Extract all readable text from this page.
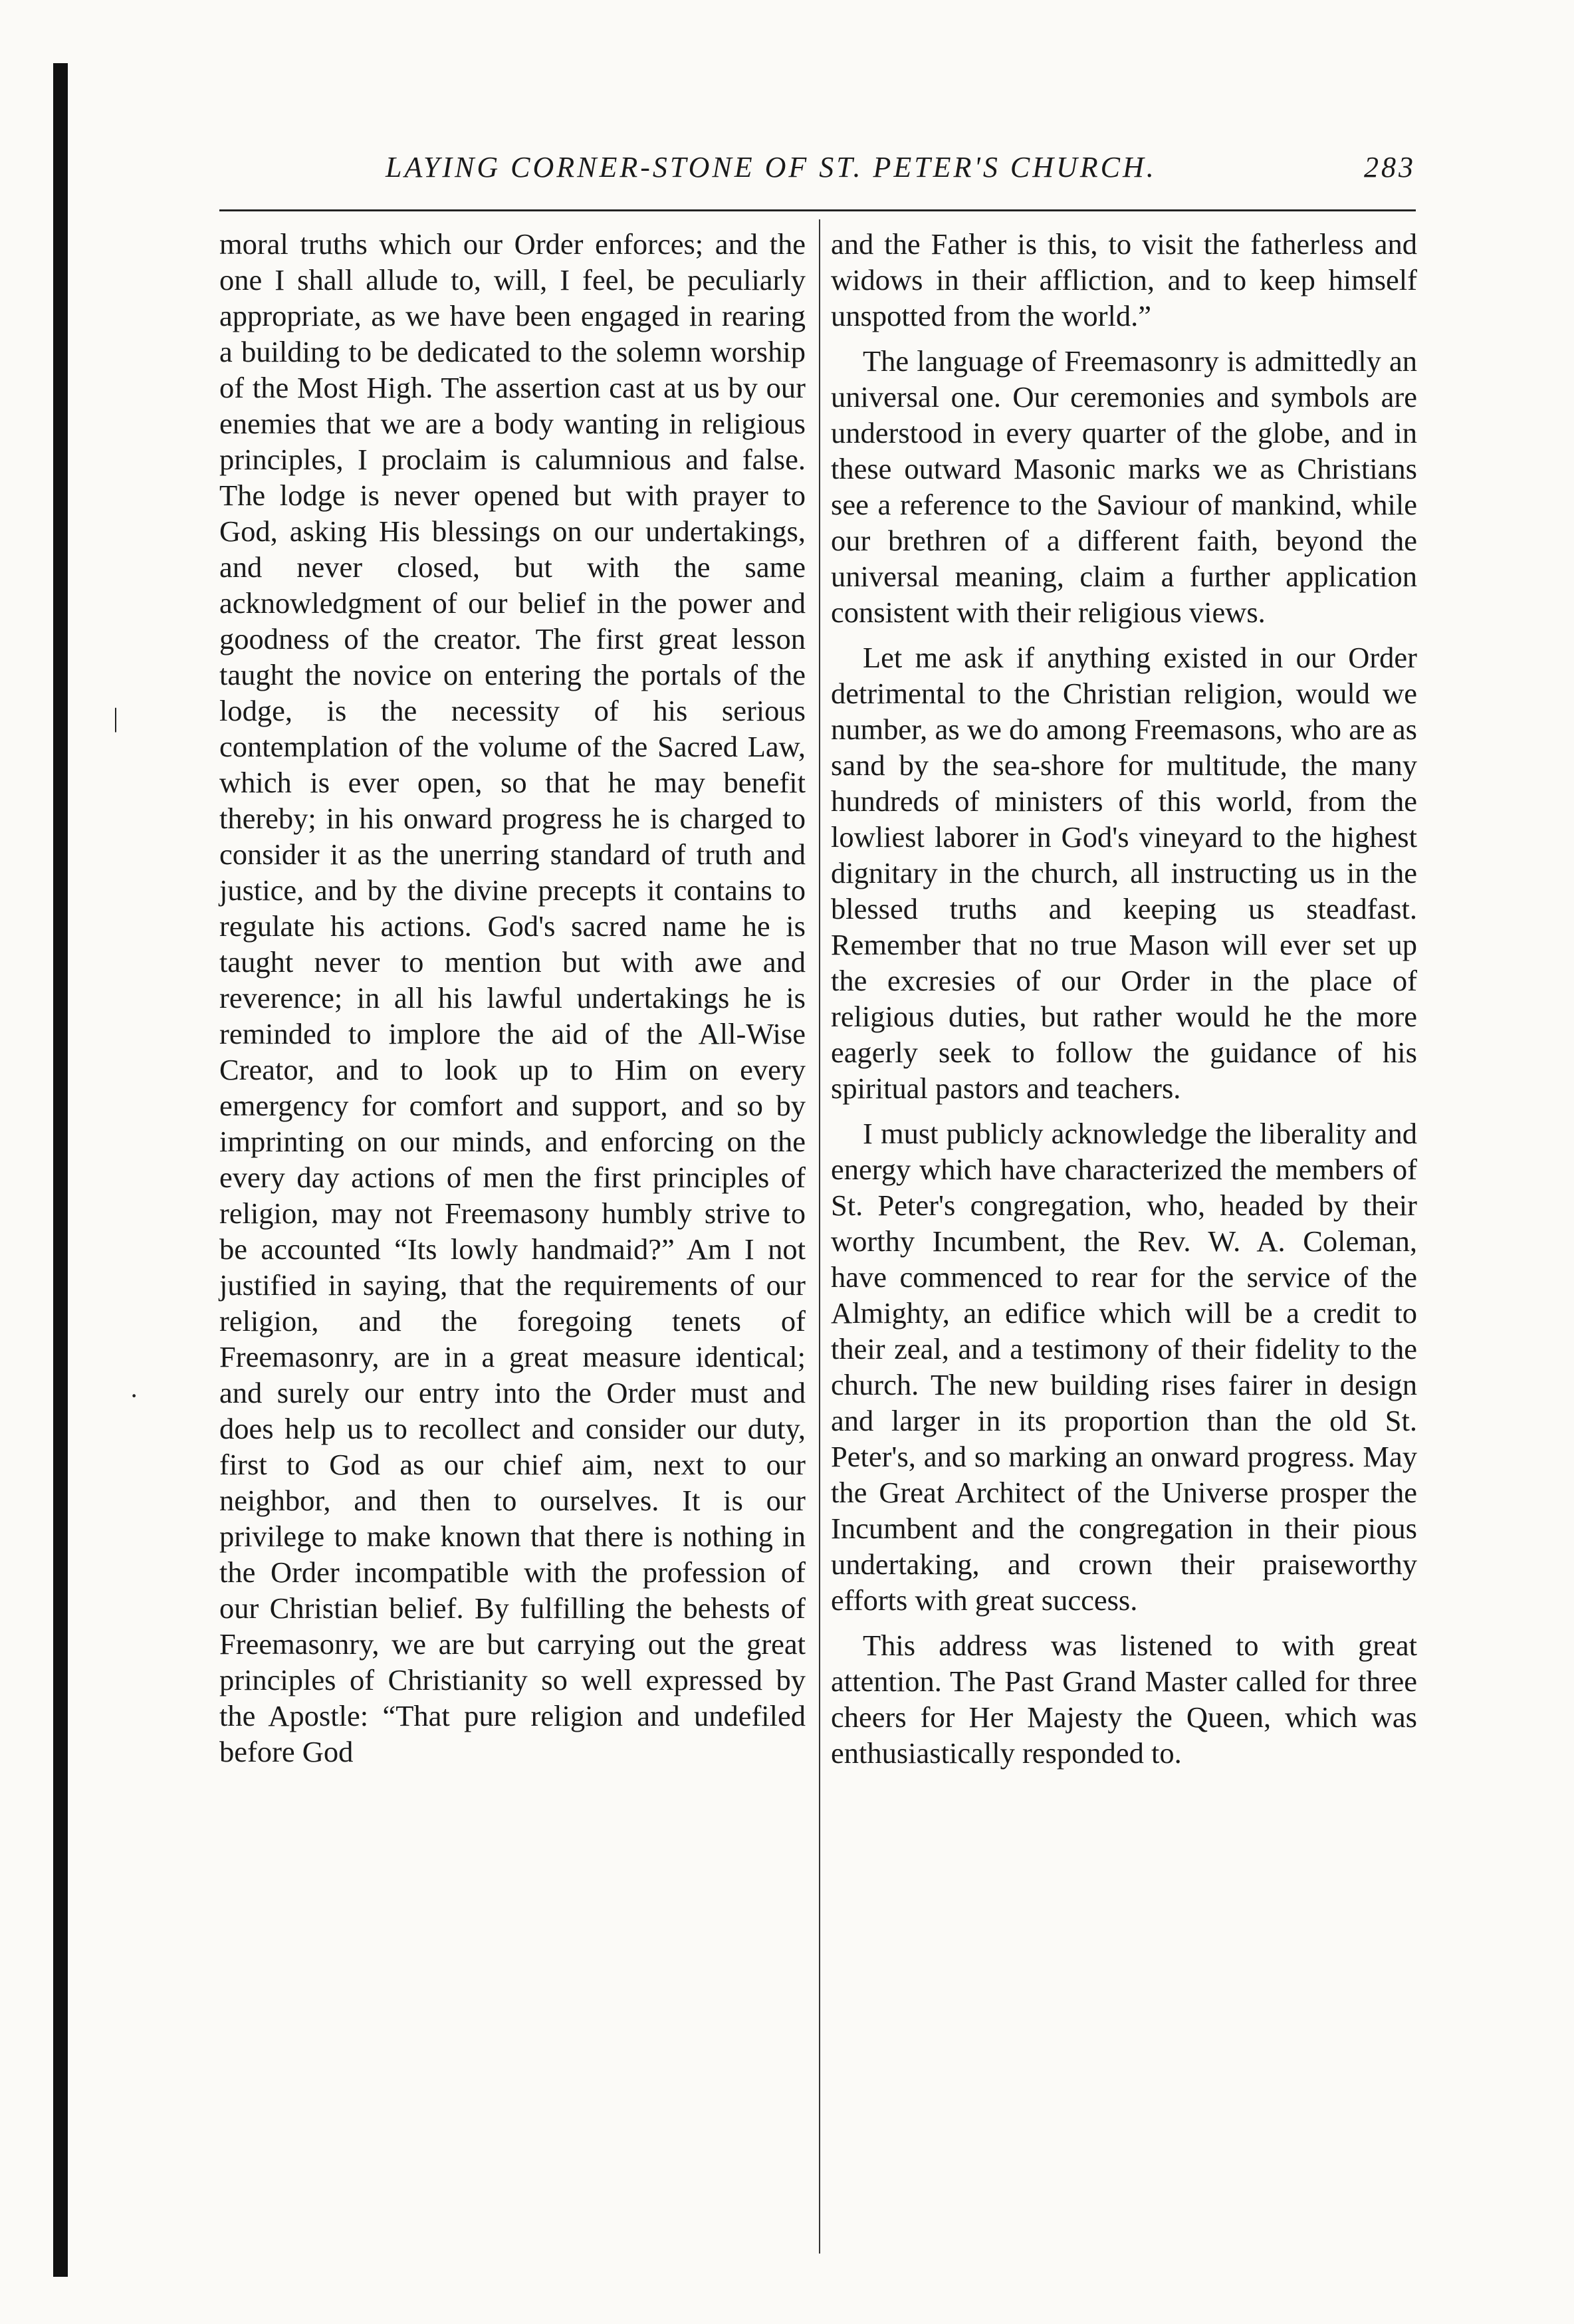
|
·
LAYING CORNER-STONE OF ST. PETER'S CHURCH.	283

moral truths which our Order enforces; and the one I shall allude to, will, I feel, be peculiarly appropriate, as we have been engaged in rearing a building to be dedicated to the solemn worship of the Most High. The assertion cast at us by our enemies that we are a body wanting in religious principles, I proclaim is calumnious and false. The lodge is never opened but with prayer to God, asking His blessings on our undertakings, and never closed, but with the same acknowledgment of our belief in the power and goodness of the creator. The first great lesson taught the novice on entering the portals of the lodge, is the necessity of his serious contemplation of the volume of the Sacred Law, which is ever open, so that he may benefit thereby; in his onward progress he is charged to consider it as the unerring standard of truth and justice, and by the divine precepts it contains to regulate his actions. God's sacred name he is taught never to mention but with awe and reverence; in all his lawful undertakings he is reminded to implore the aid of the All-Wise Creator, and to look up to Him on every emergency for comfort and support, and so by imprinting on our minds, and enforcing on the every day actions of men the first principles of religion, may not Freemasony humbly strive to be accounted “Its lowly handmaid?” Am I not justified in saying, that the requirements of our religion, and the foregoing tenets of Freemasonry, are in a great measure identical; and surely our entry into the Order must and does help us to recollect and consider our duty, first to God as our chief aim, next to our neighbor, and then to ourselves. It is our privilege to make known that there is nothing in the Order incompatible with the profession of our Christian belief. By fulfilling the behests of Freemasonry, we are but carrying out the great principles of Christianity so well expressed by the Apostle: “That pure religion and undefiled before God

and the Father is this, to visit the fatherless and widows in their affliction, and to keep himself unspotted from the world.”

The language of Freemasonry is admittedly an universal one. Our ceremonies and symbols are understood in every quarter of the globe, and in these outward Masonic marks we as Christians see a reference to the Saviour of mankind, while our brethren of a different faith, beyond the universal meaning, claim a further application consistent with their religious views.

Let me ask if anything existed in our Order detrimental to the Christian religion, would we number, as we do among Freemasons, who are as sand by the sea-shore for multitude, the many hundreds of ministers of this world, from the lowliest laborer in God's vineyard to the highest dignitary in the church, all instructing us in the blessed truths and keeping us steadfast. Remember that no true Mason will ever set up the excresies of our Order in the place of religious duties, but rather would he the more eagerly seek to follow the guidance of his spiritual pastors and teachers.

I must publicly acknowledge the liberality and energy which have characterized the members of St. Peter's congregation, who, headed by their worthy Incumbent, the Rev. W. A. Coleman, have commenced to rear for the service of the Almighty, an edifice which will be a credit to their zeal, and a testimony of their fidelity to the church. The new building rises fairer in design and larger in its proportion than the old St. Peter's, and so marking an onward progress. May the Great Architect of the Universe prosper the Incumbent and the congregation in their pious undertaking, and crown their praiseworthy efforts with great success.

This address was listened to with great attention. The Past Grand Master called for three cheers for Her Majesty the Queen, which was enthusiastically responded to.
